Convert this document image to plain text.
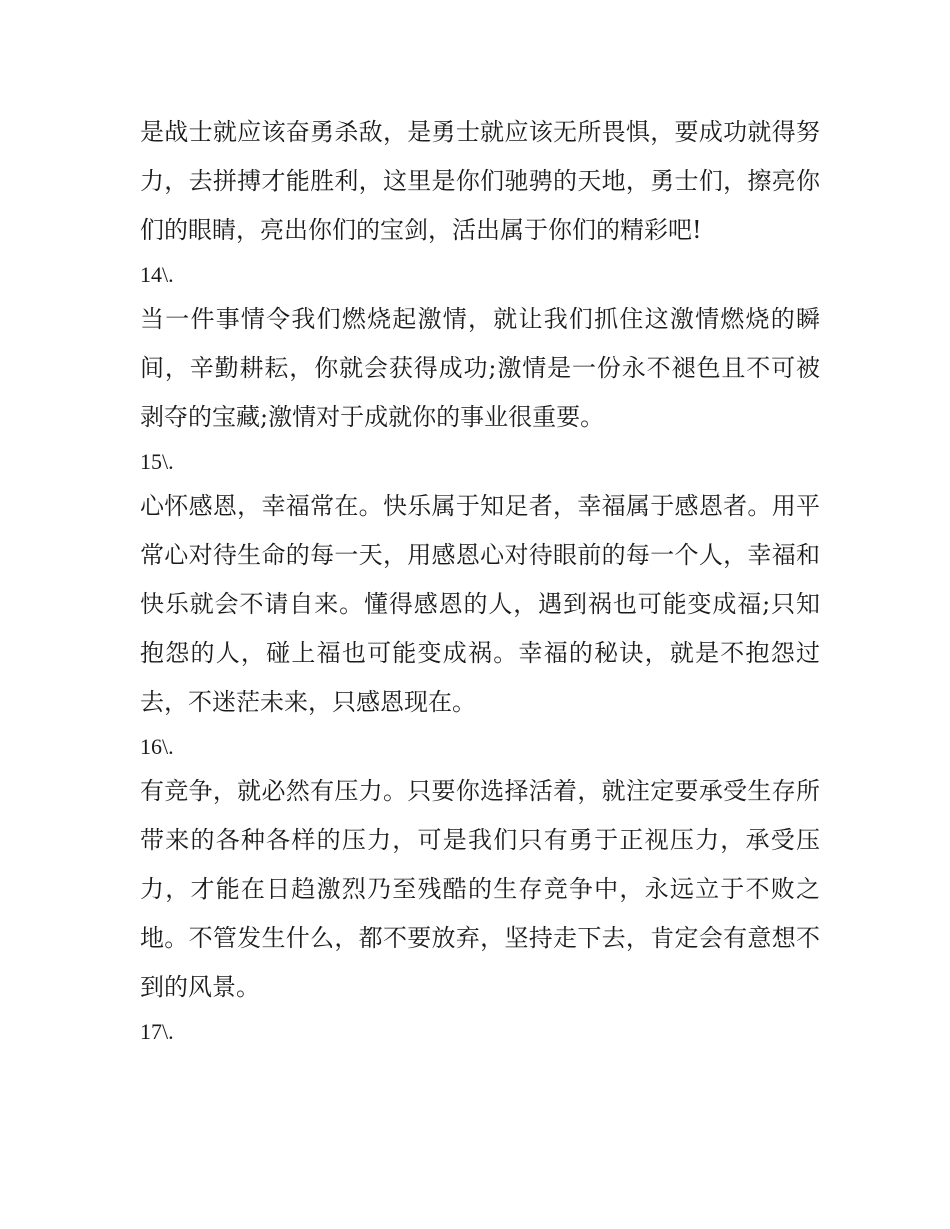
是战士就应该奋勇杀敌，是勇士就应该无所畏惧，要成功就得努力，去拼搏才能胜利，这里是你们驰骋的天地，勇士们，擦亮你们的眼睛，亮出你们的宝剑，活出属于你们的精彩吧!

14\.

当一件事情令我们燃烧起激情，就让我们抓住这激情燃烧的瞬间，辛勤耕耘，你就会获得成功;激情是一份永不褪色且不可被剥夺的宝藏;激情对于成就你的事业很重要。

15\.

心怀感恩，幸福常在。快乐属于知足者，幸福属于感恩者。用平常心对待生命的每一天，用感恩心对待眼前的每一个人，幸福和快乐就会不请自来。懂得感恩的人，遇到祸也可能变成福;只知抱怨的人，碰上福也可能变成祸。幸福的秘诀，就是不抱怨过去，不迷茫未来，只感恩现在。

16\.

有竞争，就必然有压力。只要你选择活着，就注定要承受生存所带来的各种各样的压力，可是我们只有勇于正视压力，承受压力，才能在日趋激烈乃至残酷的生存竞争中，永远立于不败之地。不管发生什么，都不要放弃，坚持走下去，肯定会有意想不到的风景。

17\.
